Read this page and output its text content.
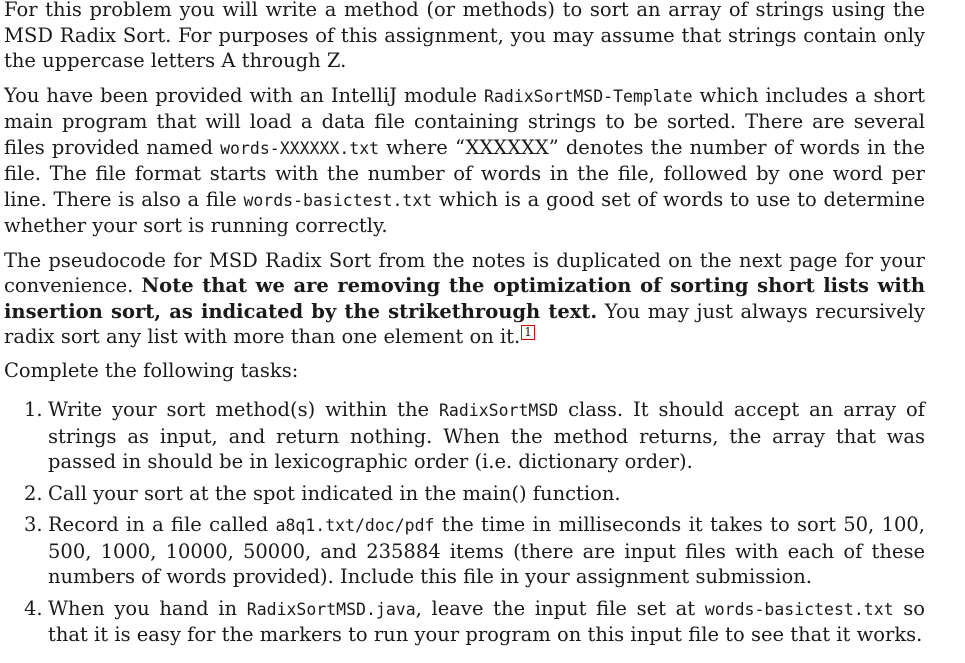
For this problem you will write a method (or methods) to sort an array of strings using the MSD Radix Sort. For purposes of this assignment, you may assume that strings contain only the uppercase letters A through Z.

You have been provided with an IntelliJ module RadixSortMSD-Template which includes a short main program that will load a data file containing strings to be sorted. There are several files provided named words-XXXXXX.txt where “XXXXXX” denotes the number of words in the file. The file format starts with the number of words in the file, followed by one word per line. There is also a file words-basictest.txt which is a good set of words to use to determine whether your sort is running correctly.

The pseudocode for MSD Radix Sort from the notes is duplicated on the next page for your convenience. Note that we are removing the optimization of sorting short lists with insertion sort, as indicated by the strikethrough text. You may just always recursively radix sort any list with more than one element on it. 1

Complete the following tasks:

1. Write your sort method(s) within the RadixSortMSD class. It should accept an array of strings as input, and return nothing. When the method returns, the array that was passed in should be in lexicographic order (i.e. dictionary order).
2. Call your sort at the spot indicated in the main() function.
3. Record in a file called a8q1.txt/doc/pdf the time in milliseconds it takes to sort 50, 100, 500, 1000, 10000, 50000, and 235884 items (there are input files with each of these numbers of words provided). Include this file in your assignment submission.
4. When you hand in RadixSortMSD.java, leave the input file set at words-basictest.txt so that it is easy for the markers to run your program on this input file to see that it works.
